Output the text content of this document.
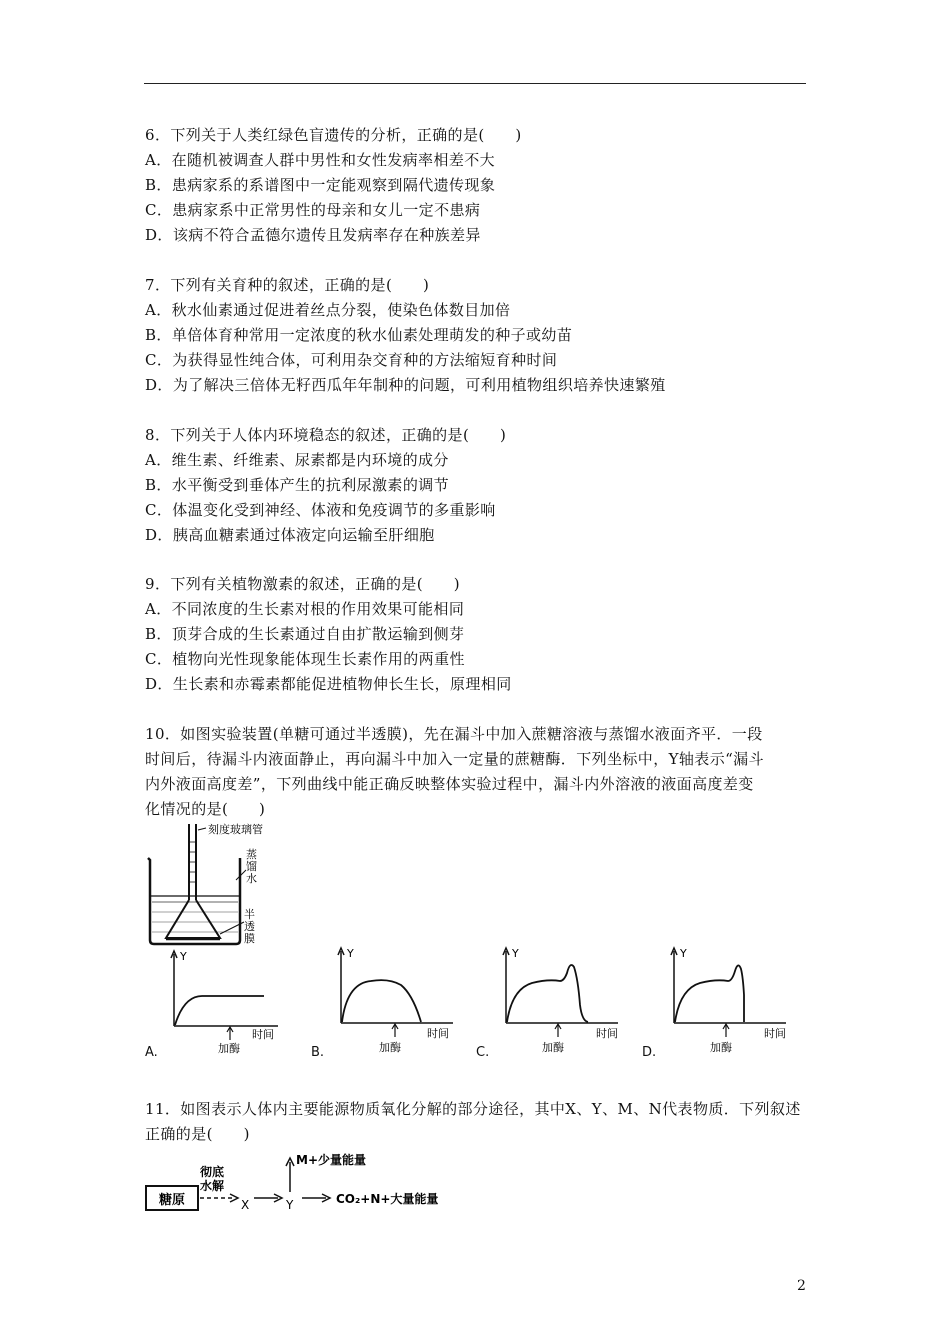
6．下列关于人类红绿色盲遗传的分析，正确的是(　　)
A．在随机被调查人群中男性和女性发病率相差不大
B．患病家系的系谱图中一定能观察到隔代遗传现象
C．患病家系中正常男性的母亲和女儿一定不患病
D．该病不符合孟德尔遗传且发病率存在种族差异
7．下列有关育种的叙述，正确的是(　　)
A．秋水仙素通过促进着丝点分裂，使染色体数目加倍
B．单倍体育种常用一定浓度的秋水仙素处理萌发的种子或幼苗
C．为获得显性纯合体，可利用杂交育种的方法缩短育种时间
D．为了解决三倍体无籽西瓜年年制种的问题，可利用植物组织培养快速繁殖
8．下列关于人体内环境稳态的叙述，正确的是(　　)
A．维生素、纤维素、尿素都是内环境的成分
B．水平衡受到垂体产生的抗利尿激素的调节
C．体温变化受到神经、体液和免疫调节的多重影响
D．胰高血糖素通过体液定向运输至肝细胞
9．下列有关植物激素的叙述，正确的是(　　)
A．不同浓度的生长素对根的作用效果可能相同
B．顶芽合成的生长素通过自由扩散运输到侧芽
C．植物向光性现象能体现生长素作用的两重性
D．生长素和赤霉素都能促进植物伸长生长，原理相同
10．如图实验装置(单糖可通过半透膜)，先在漏斗中加入蔗糖溶液与蒸馏水液面齐平．一段
时间后，待漏斗内液面静止，再向漏斗中加入一定量的蔗糖酶．下列坐标中，Y轴表示“漏斗
内外液面高度差”，下列曲线中能正确反映整体实验过程中，漏斗内外溶液的液面高度差变
化情况的是(　　)
刻度玻璃管
蒸
馏
水
半
透
膜
Y
时间
加酶
A.
Y
时间
加酶
B.
Y
时间
加酶
C.
Y
时间
加酶
D.
11．如图表示人体内主要能源物质氧化分解的部分途径，其中X、Y、M、N代表物质．下列叙述
正确的是(　　)
糖原
彻底
水解
X	Y
M+少量能量
CO₂+N+大量能量
2
